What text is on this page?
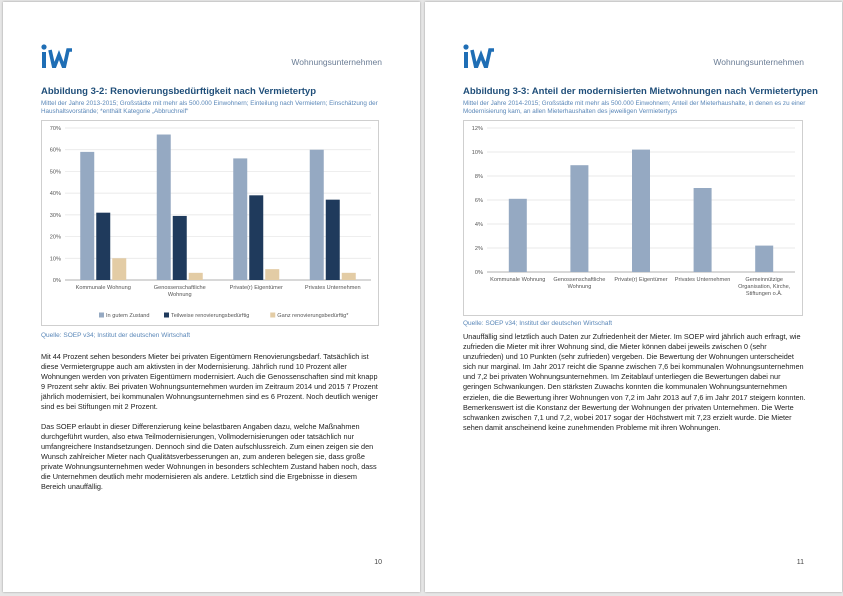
Wohnungsunternehmen
Abbildung 3-2: Renovierungsbedürftigkeit nach Vermietertyp

Mittel der Jahre 2013-2015; Großstädte mit mehr als 500.000 Einwohnern; Einteilung nach Vermietern; Einschätzung der Haushaltsvorstände; *enthält Kategorie „Abbruchreif“

0%
10%
20%
30%
40%
50%
60%
70%
Kommunale Wohnung	Genossenschaftliche Wohnung
Private(r) Eigentümer	Privates Unternehmen
In gutem Zustand	Teilweise renovierungsbedürftig	Ganz renovierungsbedürftig*
Quelle: SOEP v34; Institut der deutschen Wirtschaft

Mit 44 Prozent sehen besonders Mieter bei privaten Eigentümern Renovierungsbedarf. Tatsächlich ist diese Vermietergruppe auch am aktivsten in der Modernisierung. Jährlich rund 10 Prozent aller Wohnungen werden von privaten Eigentümern modernisiert. Auch die Genossenschaften sind mit knapp 9 Prozent sehr aktiv. Bei privaten Wohnungsunternehmen wurden im Zeitraum 2014 und 2015 7 Prozent jährlich modernisiert, bei kommunalen Wohnungsunternehmen sind es 6 Prozent. Noch deutlich weniger sind es bei Stiftungen mit 2 Prozent.

Das SOEP erlaubt in dieser Differenzierung keine belastbaren Angaben dazu, welche Maßnahmen durchgeführt wurden, also etwa Teilmodernisierungen, Vollmodernisierungen oder tatsächlich nur umfangreichere Instandsetzungen. Dennoch sind die Daten aufschlussreich. Zum einen zeigen sie den Wunsch zahlreicher Mieter nach Qualitätsverbesserungen an, zum anderen belegen sie, dass große private Wohnungsunternehmen weder Wohnungen in besonders schlechtem Zustand haben noch, dass die Unternehmen deutlich mehr modernisieren als andere. Letztlich sind die Ergebnisse in diesem Bereich unauffällig.

10
Wohnungsunternehmen
Abbildung 3-3: Anteil der modernisierten Mietwohnungen nach Vermietertypen

Mittel der Jahre 2014-2015; Großstädte mit mehr als 500.000 Einwohnern; Anteil der Mieterhaushalte, in denen es zu einer Modernisierung kam, an allen Mieterhaushalten des jeweiligen Vermietertyps

0%
2%
4%
6%
8%
10%
12%
Kommunale Wohnung Genossenschaftliche Wohnung
Private(r) Eigentümer Privates Unternehmen	Gemeinnützige Organisation, Kirche, Stiftungen o.Ä.
Quelle: SOEP v34; Institut der deutschen Wirtschaft

Unauffällig sind letztlich auch Daten zur Zufriedenheit der Mieter. Im SOEP wird jährlich auch erfragt, wie zufrieden die Mieter mit ihrer Wohnung sind, die Mieter können dabei jeweils zwischen 0 (sehr unzufrieden) und 10 Punkten (sehr zufrieden) vergeben. Die Bewertung der Wohnungen unterscheidet sich nur marginal. Im Jahr 2017 reicht die Spanne zwischen 7,6 bei kommunalen Wohnungsunternehmen und 7,2 bei privaten Wohnungsunternehmen. Im Zeitablauf unterliegen die Bewertungen dabei nur geringen Schwankungen. Den stärksten Zuwachs konnten die kommunalen Wohnungsunternehmen erzielen, die die Bewertung ihrer Wohnungen von 7,2 im Jahr 2013 auf 7,6 im Jahr 2017 steigern konnten. Bemerkenswert ist die Konstanz der Bewertung der Wohnungen der privaten Unternehmen. Die Werte schwanken zwischen 7,1 und 7,2, wobei 2017 sogar der Höchstwert mit 7,23 erzielt wurde. Die Mieter sehen damit anscheinend keine zunehmenden Probleme mit ihren Wohnungen.

11
